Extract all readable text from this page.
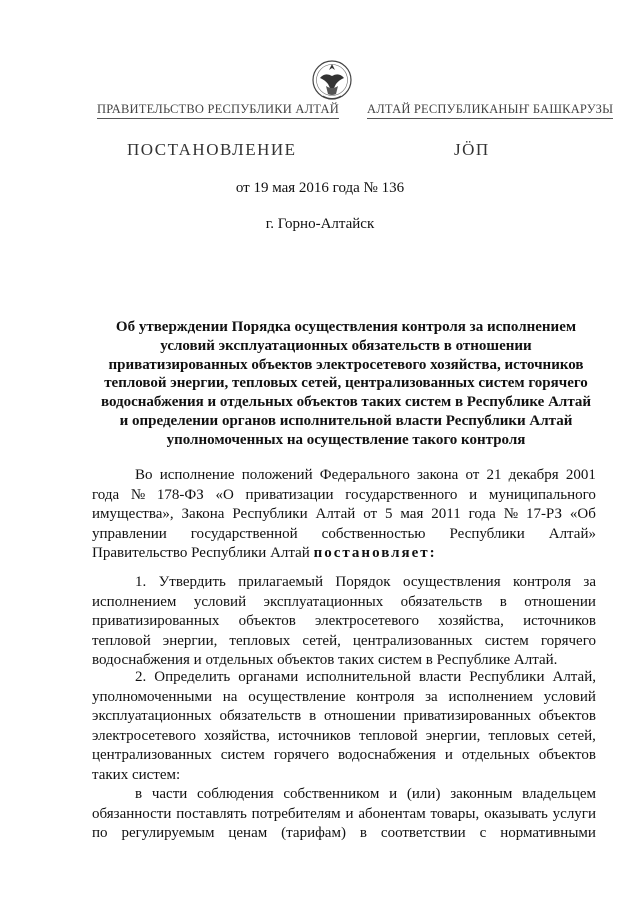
ПРАВИТЕЛЬСТВО РЕСПУБЛИКИ АЛТАЙ АЛТАЙ РЕСПУБЛИКАНЫҤ БАШКАРУЗЫ
ПОСТАНОВЛЕНИЕ	ЈӦП
от 19 мая 2016 года № 136
г. Горно-Алтайск
Об утверждении Порядка осуществления контроля за исполнением
условий эксплуатационных обязательств в отношении
приватизированных объектов электросетевого хозяйства, источников
тепловой энергии, тепловых сетей, централизованных систем горячего
водоснабжения и отдельных объектов таких систем в Республике Алтай
и определении органов исполнительной власти Республики Алтай
уполномоченных на осуществление такого контроля
Во исполнение положений Федерального закона от 21 декабря 2001
года № 178-ФЗ «О приватизации государственного и муниципального
имущества», Закона Республики Алтай от 5 мая 2011 года № 17-РЗ «Об
управлении государственной собственностью Республики Алтай»
Правительство Республики Алтай постановляет:
1. Утвердить прилагаемый Порядок осуществления контроля за
исполнением условий эксплуатационных обязательств в отношении
приватизированных объектов электросетевого хозяйства, источников
тепловой энергии, тепловых сетей, централизованных систем горячего
водоснабжения и отдельных объектов таких систем в Республике Алтай.
2. Определить органами исполнительной власти Республики Алтай,
уполномоченными на осуществление контроля за исполнением условий
эксплуатационных обязательств в отношении приватизированных объектов
электросетевого хозяйства, источников тепловой энергии, тепловых сетей,
централизованных систем горячего водоснабжения и отдельных объектов
таких систем:
в части соблюдения собственником и (или) законным владельцем
обязанности поставлять потребителям и абонентам товары, оказывать услуги
по регулируемым ценам (тарифам) в соответствии с нормативными
